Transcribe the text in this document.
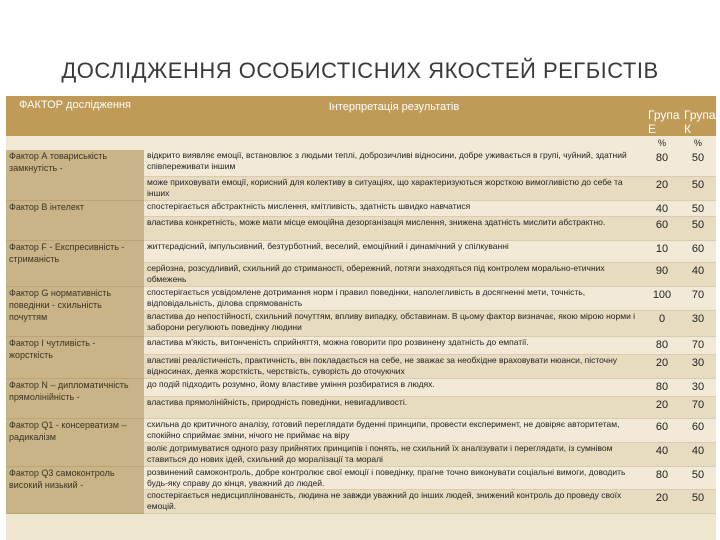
ДОСЛІДЖЕННЯ ОСОБИСТІСНИХ ЯКОСТЕЙ РЕГБІСТІВ
ФАКТОР дослідження	Інтерпретація результатів	Група Е	Група К
		%	%

Фактор А товариськість замкнутість -	відкрито виявляє емоції, встановлює з людьми теплі, доброзичливі відносини, добре уживається в групі, чуйний, здатний співпереживати іншим	80	50
	може приховувати емоції, корисний для колективу в ситуаціях, що характеризуються жорсткою вимогливістю до себе та інших	20	50

Фактор В інтелект	спостерігається абстрактність мислення, кмітливість, здатність швидко навчатися	40	50
	властива конкретність, може мати місце емоційна дезорганізація мислення, знижена здатність мислити абстрактно.	60	50

Фактор F - Експресивність - стриманість	життєрадісний, імпульсивний, безтурботний, веселий, емоційний і динамічний у спілкуванні	10	60
	серйозна, розсудливий, схильний до стриманості, обережний, потяги знаходяться під контролем морально-етичних обмежень	90	40

Фактор G нормативність поведінки - схильність почуттям	спостерігається усвідомлене дотримання норм і правил поведінки, наполегливість в досягненні мети, точність, відповідальність, ділова спрямованість	100	70
	властива до непостійності, схильний почуттям, впливу випадку, обставинам. В цьому фактор визначає, якою мірою норми і заборони регулюють поведінку людини	0	30

Фактор I чутливість - жорсткість	властива м'якість, витонченість сприйняття, можна говорити про розвинену здатність до емпатії.	80	70
	властиві реалістичність, практичність, він покладається на себе, не зважає за необхідне враховувати нюанси, пісточну відносинах, деяка жорсткість, черствість, суворість до оточуючих	20	30

Фактор N – дипломатичність прямолінійність -	до подій підходить розумно, йому властиве уміння розбиратися в людях.	80	30
	властива прямолінійність, природність поведінки, невигадливості.	20	70

Фактор Q1 - консерватизм – радикалізм	схильна до критичного аналізу, готовий переглядати буденні принципи, провести експеримент, не довіряє авторитетам, спокійно сприймає зміни, нічого не приймає на віру	60	60
	воліє дотримуватися одного разу прийнятих принципів і понять, не схильний їх аналізувати і переглядати, із сумнівом ставиться до нових ідей, схильний до моралізації та моралі	40	40

Фактор Q3 самоконтроль високий низький -	розвинений самоконтроль, добре контролює свої емоції і поведінку, прагне точно виконувати соціальні вимоги, доводить будь-яку справу до кінця, уважний до людей.	80	50
	спостерігається недисциплінованість, людина не завжди уважний до інших людей, знижений контроль до проведу своїх емоцій.	20	50
